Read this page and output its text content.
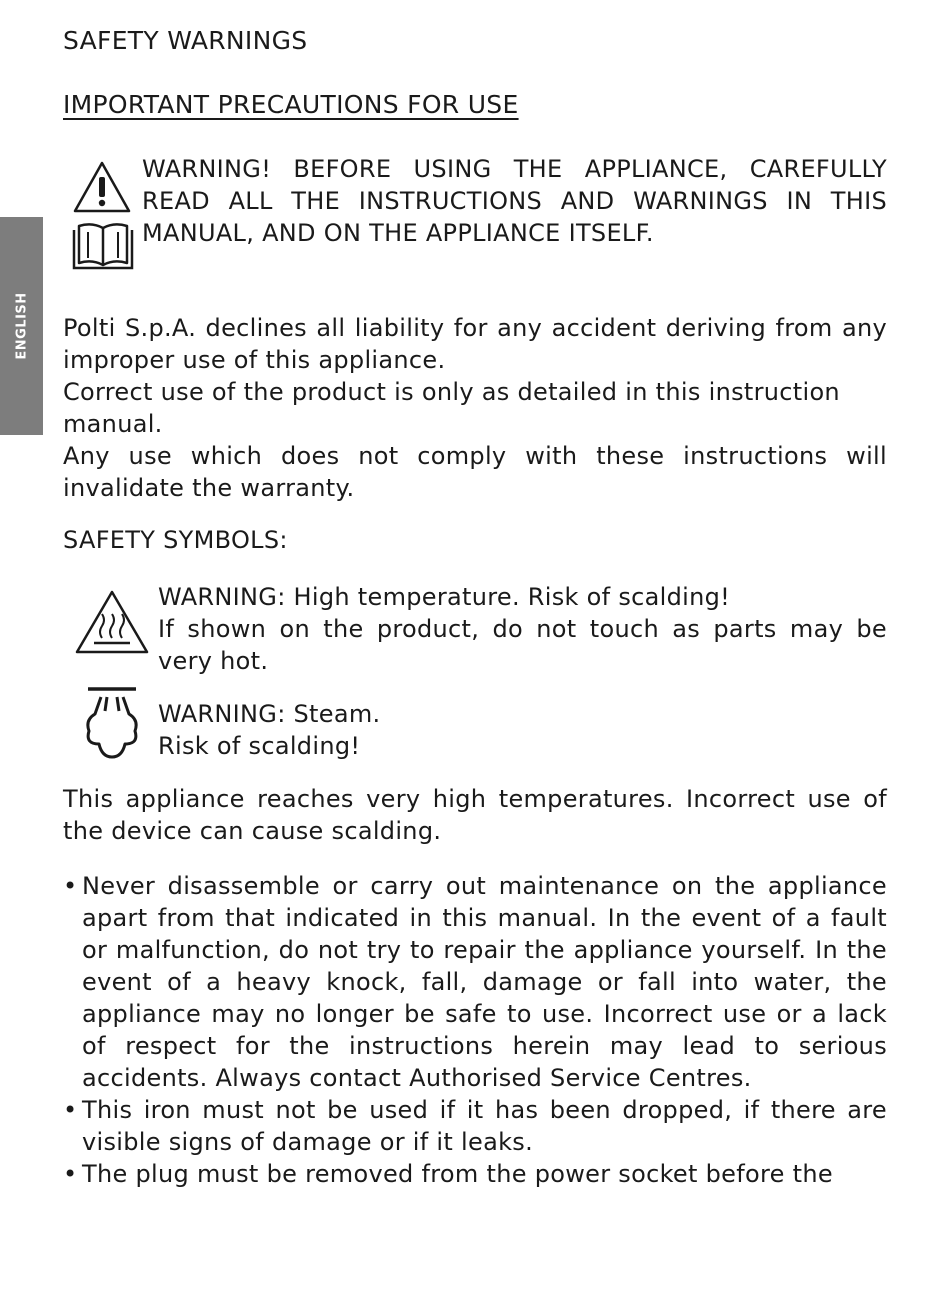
ENGLISH
SAFETY WARNINGS
IMPORTANT PRECAUTIONS FOR USE
WARNING! BEFORE USING THE APPLIANCE, CAREFULLY READ ALL THE INSTRUCTIONS AND WARNINGS IN THIS MANUAL, AND ON THE APPLIANCE ITSELF.
Polti S.p.A. declines all liability for any accident deriving from any improper use of this appliance.
Correct use of the product is only as detailed in this instruction manual.
Any use which does not comply with these instructions will invalidate the warranty.
SAFETY SYMBOLS:
WARNING: High temperature. Risk of scalding!
If shown on the product, do not touch as parts may be very hot.
WARNING: Steam.
Risk of scalding!
This appliance reaches very high temperatures. Incorrect use of the device can cause scalding.
• Never disassemble or carry out maintenance on the appliance apart from that indicated in this manual. In the event of a fault or malfunction, do not try to repair the appliance yourself. In the event of a heavy knock, fall, damage or fall into water, the appliance may no longer be safe to use. Incorrect use or a lack of respect for the instructions herein may lead to serious accidents. Always contact Authorised Service Centres.
• This iron must not be used if it has been dropped, if there are visible signs of damage or if it leaks.
• The plug must be removed from the power socket before the
